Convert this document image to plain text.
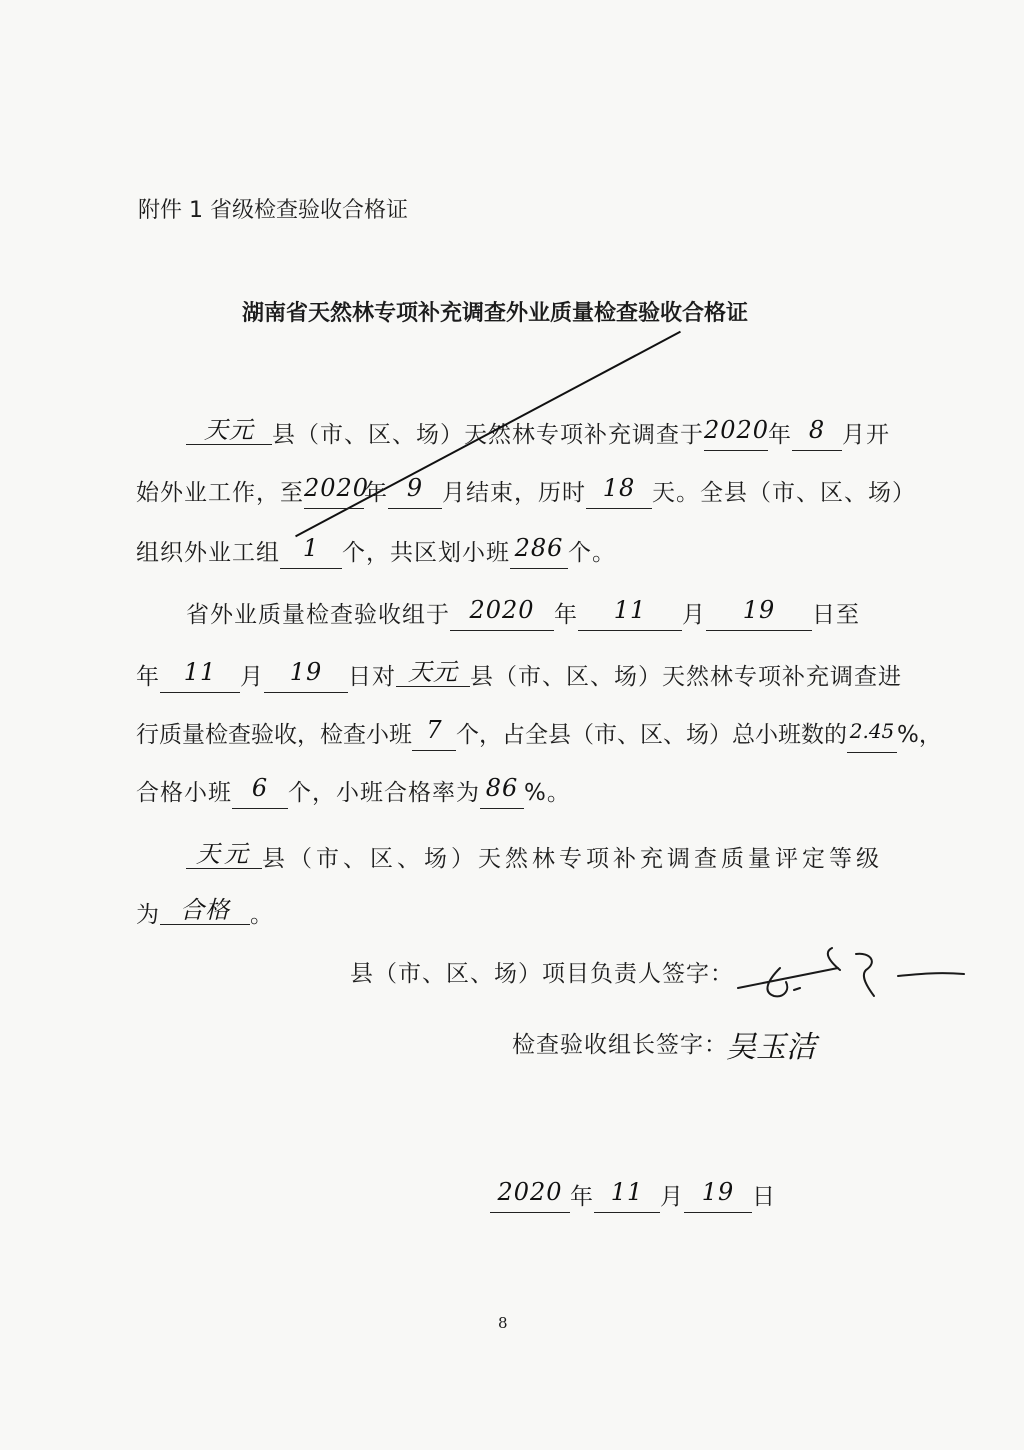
附件 1 省级检查验收合格证
湖南省天然林专项补充调查外业质量检查验收合格证
天元 县（市、区、场）天然林专项补充调查于2020年 8 月开
始外业工作，至2020年 9 月结束，历时 18 天。全县（市、区、场）
组织外业工组 1 个，共区划小班 286 个。
省外业质量检查验收组于 2020 年 11 月 19 日至
年 11 月 19 日对 天元 县（市、区、场）天然林专项补充调查进
行质量检查验收，检查小班 7 个，占全县（市、区、场）总小班数的 2.45 %，
合格小班 6 个，小班合格率为 86 %。
天元 县（市、区、场）天然林专项补充调查质量评定等级
为 合格 。
县（市、区、场）项目负责人签字：
检查验收组长签字：
吴玉洁
2020 年 11 月 19 日
8
